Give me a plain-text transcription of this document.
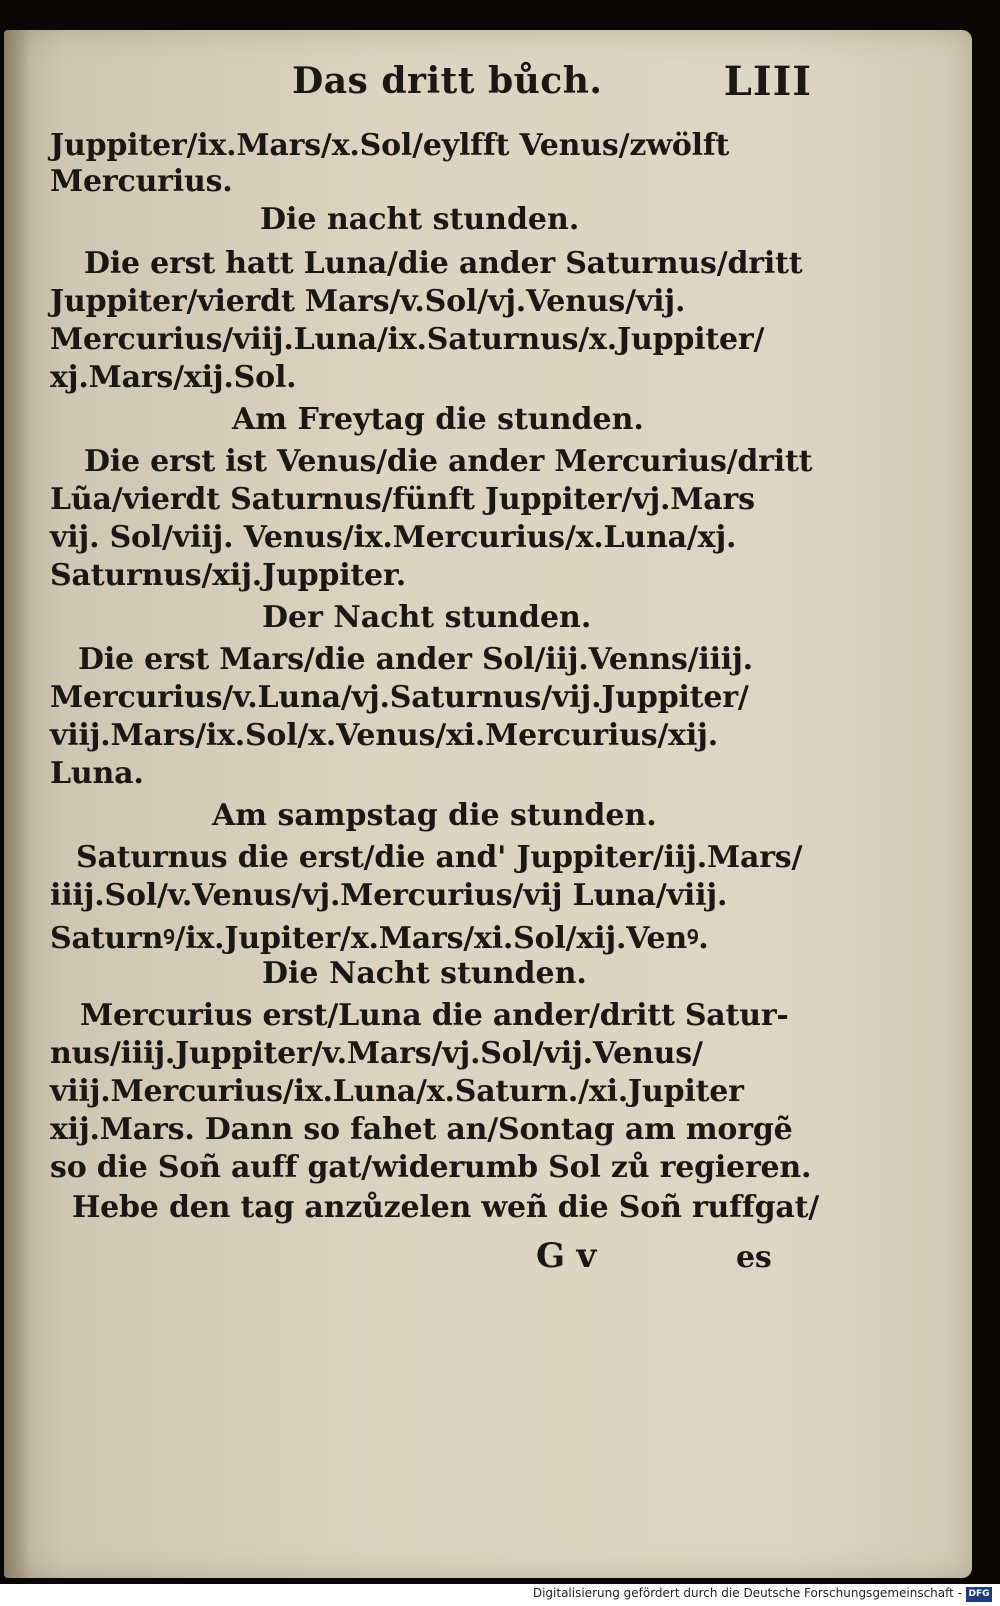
Das dritt bůch.	LIII
Juppiter/ix.Mars/x.Sol/eylfft Venus/zwölft
Mercurius.
Die nacht stunden.
Die erst hatt Luna/die ander Saturnus/dritt
Juppiter/vierdt Mars/v.Sol/vj.Venus/vij.
Mercurius/viij.Luna/ix.Saturnus/x.Juppiter/
xj.Mars/xij.Sol.
Am Freytag die stunden.
Die erst ist Venus/die ander Mercurius/dritt
Lũa/vierdt Saturnus/fünft Juppiter/vj.Mars
vij. Sol/viij. Venus/ix.Mercurius/x.Luna/xj.
Saturnus/xij.Juppiter.
Der Nacht stunden.
Die erst Mars/die ander Sol/iij.Venns/iiij.
Mercurius/v.Luna/vj.Saturnus/vij.Juppiter/
viij.Mars/ix.Sol/x.Venus/xi.Mercurius/xij.
Luna.
Am sampstag die stunden.
Saturnus die erst/die and' Juppiter/iij.Mars/
iiij.Sol/v.Venus/vj.Mercurius/vij Luna/viij.
Saturnꝰ/ix.Jupiter/x.Mars/xi.Sol/xij.Venꝰ.
Die Nacht stunden.
Mercurius erst/Luna die ander/dritt Satur-
nus/iiij.Juppiter/v.Mars/vj.Sol/vij.Venus/
viij.Mercurius/ix.Luna/x.Saturn./xi.Jupiter
xij.Mars. Dann so fahet an/Sontag am morgẽ
so die Soñ auff gat/widerumb Sol zů regieren.
Hebe den tag anzůzelen weñ die Soñ ruffgat/
G v	es
Digitalisierung gefördert durch die Deutsche Forschungsgemeinschaft - DFG
